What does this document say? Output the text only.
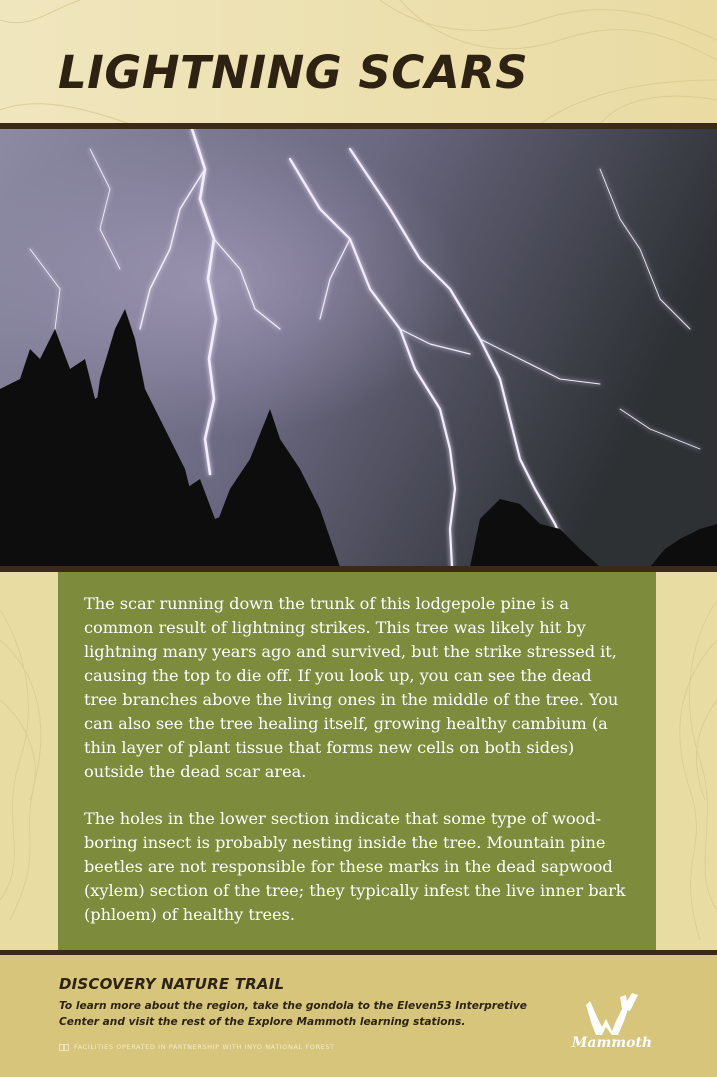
LIGHTNING SCARS

The scar running down the trunk of this lodgepole pine is a common result of lightning strikes. This tree was likely hit by lightning many years ago and survived, but the strike stressed it, causing the top to die off. If you look up, you can see the dead tree branches above the living ones in the middle of the tree. You can also see the tree healing itself, growing healthy cambium (a thin layer of plant tissue that forms new cells on both sides) outside the dead scar area.

The holes in the lower section indicate that some type of wood-boring insect is probably nesting inside the tree. Mountain pine beetles are not responsible for these marks in the dead sapwood (xylem) section of the tree; they typically infest the live inner bark (phloem) of healthy trees.

DISCOVERY NATURE TRAIL

To learn more about the region, take the gondola to the Eleven53 Interpretive Center and visit the rest of the Explore Mammoth learning stations.

FACILITIES OPERATED IN PARTNERSHIP WITH INYO NATIONAL FOREST	Mammoth
